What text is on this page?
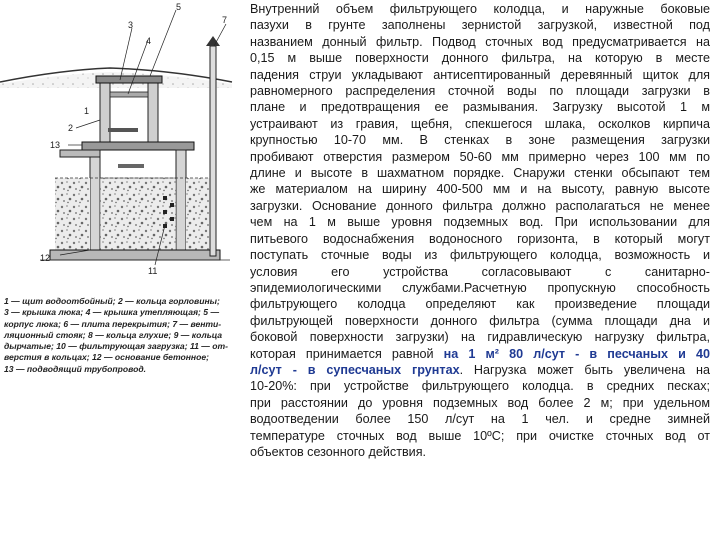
3
4
5
7
2
13
12
11
1
1 — щит водоотбойный; 2 — кольца горловины;
3 — крышка люка; 4 — крышка утепляющая; 5 —
корпус люка; 6 — плита перекрытия; 7 — венти-
ляционный стояк; 8 — кольца глухие; 9 — кольца
дырчатые; 10 — фильтрующая загрузка; 11 — от-
верстия в кольцах; 12 — основание бетонное;
13 — подводящий трубопровод.
Внутренний объем фильтрующего колодца, и наружные боковые
пазухи в грунте заполнены зернистой загрузкой, известной под
названием донный фильтр. Подвод сточных вод предусматривается на
0,15 м выше поверхности донного фильтра, на которую в месте
падения струи укладывают антисептированный деревянный щиток для
равномерного распределения сточной воды по площади загрузки в
плане и предотвращения ее размывания. Загрузку высотой 1 м
устраивают из гравия, щебня, спекшегося шлака, осколков кирпича
крупностью 10-70 мм. В стенках в зоне размещения загрузки
пробивают отверстия размером 50-60 мм примерно через 100 мм по
длине и высоте в шахматном порядке. Снаружи стенки обсыпают тем
же материалом на ширину 400-500 мм и на высоту, равную высоте
загрузки. Основание донного фильтра должно располагаться не менее
чем на 1 м выше уровня подземных вод. При использовании для
питьевого водоснабжения водоносного горизонта, в который могут
поступать сточные воды из фильтрующего колодца, возможность и
условия его устройства согласовывают с санитарно-
эпидемиологическими службами.Расчетную пропускную способность
фильтрующего колодца определяют как произведение площади
фильтрующей поверхности донного фильтра (сумма площади дна и
боковой поверхности загрузки) на гидравлическую нагрузку фильтра,
которая принимается равной на 1 м² 80 л/сут - в песчаных и 40
л/сут - в супесчаных грунтах. Нагрузка может быть увеличена на
10-20%: при устройстве фильтрующего колодца. в средних песках;
при расстоянии до уровня подземных вод более 2 м; при удельном
водоотведении более 150 л/сут на 1 чел. и средне зимней
температуре сточных вод выше 10ºС; при очистке сточных вод от
объектов сезонного действия.
